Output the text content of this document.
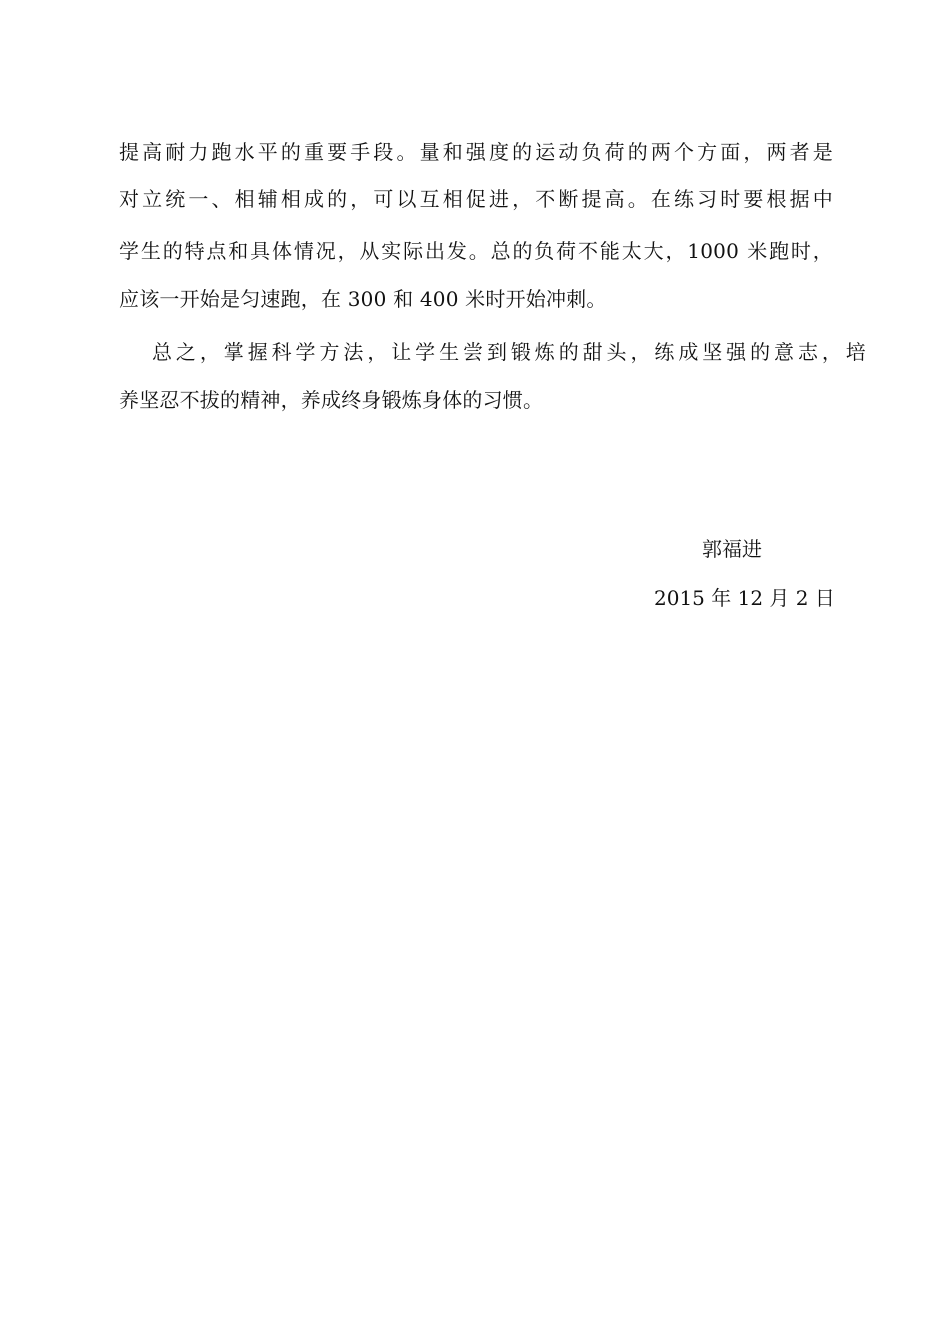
提高耐力跑水平的重要手段。量和强度的运动负荷的两个方面，两者是
对立统一、相辅相成的，可以互相促进，不断提高。在练习时要根据中
学生的特点和具体情况，从实际出发。总的负荷不能太大，1000 米跑时，
应该一开始是匀速跑，在 300 和 400 米时开始冲刺。
总之，掌握科学方法，让学生尝到锻炼的甜头，练成坚强的意志，培
养坚忍不拔的精神，养成终身锻炼身体的习惯。
郭福进
2015 年 12 月 2 日
